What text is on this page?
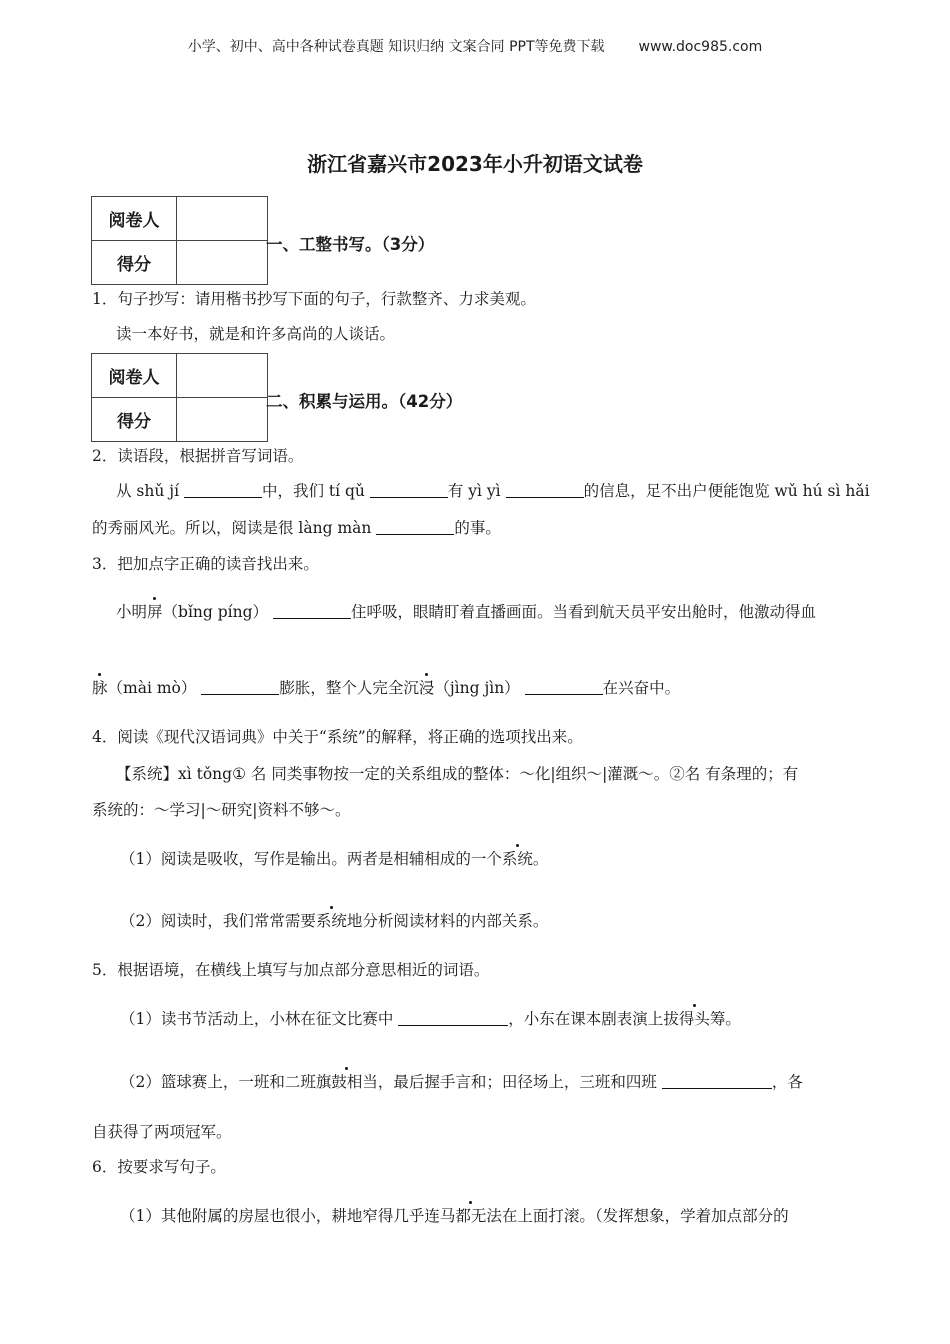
小学、初中、高中各种试卷真题 知识归纳 文案合同 PPT等免费下载 www.doc985.com
浙江省嘉兴市2023年小升初语文试卷
阅卷人	
得分	
一、工整书写。（3分）
1．句子抄写：请用楷书抄写下面的句子，行款整齐、力求美观。
读一本好书，就是和许多高尚的人谈话。
阅卷人	
得分	
二、积累与运用。（42分）
2．读语段，根据拼音写词语。
从 shǔ jí	中，我们 tí qǔ	有 yì yì	的信息，足不出户便能饱览 wǔ hú sì hǎi
的秀丽风光。所以，阅读是很 làng màn	的事。
3．把加点字正确的读音找出来。
小明屏（bǐng píng）	住呼吸，眼睛盯着直播画面。当看到航天员平安出舱时，他激动得血
脉（mài mò）	膨胀，整个人完全沉浸（jìng jìn）	在兴奋中。
4．阅读《现代汉语词典》中关于“系统”的解释，将正确的选项找出来。
【系统】xì tǒng① 名 同类事物按一定的关系组成的整体：～化|组织～|灌溉～。②名 有条理的；有
系统的：～学习|～研究|资料不够～。
（1）阅读是吸收，写作是输出。两者是相辅相成的一个系统。
（2）阅读时，我们常常需要系统地分析阅读材料的内部关系。
5．根据语境，在横线上填写与加点部分意思相近的词语。
（1）读书节活动上，小林在征文比赛中	，小东在课本剧表演上拔得头筹。
（2）篮球赛上，一班和二班旗鼓相当，最后握手言和；田径场上，三班和四班	，各
自获得了两项冠军。
6．按要求写句子。
（1）其他附属的房屋也很小，耕地窄得几乎连马都无法在上面打滚。（发挥想象，学着加点部分的
